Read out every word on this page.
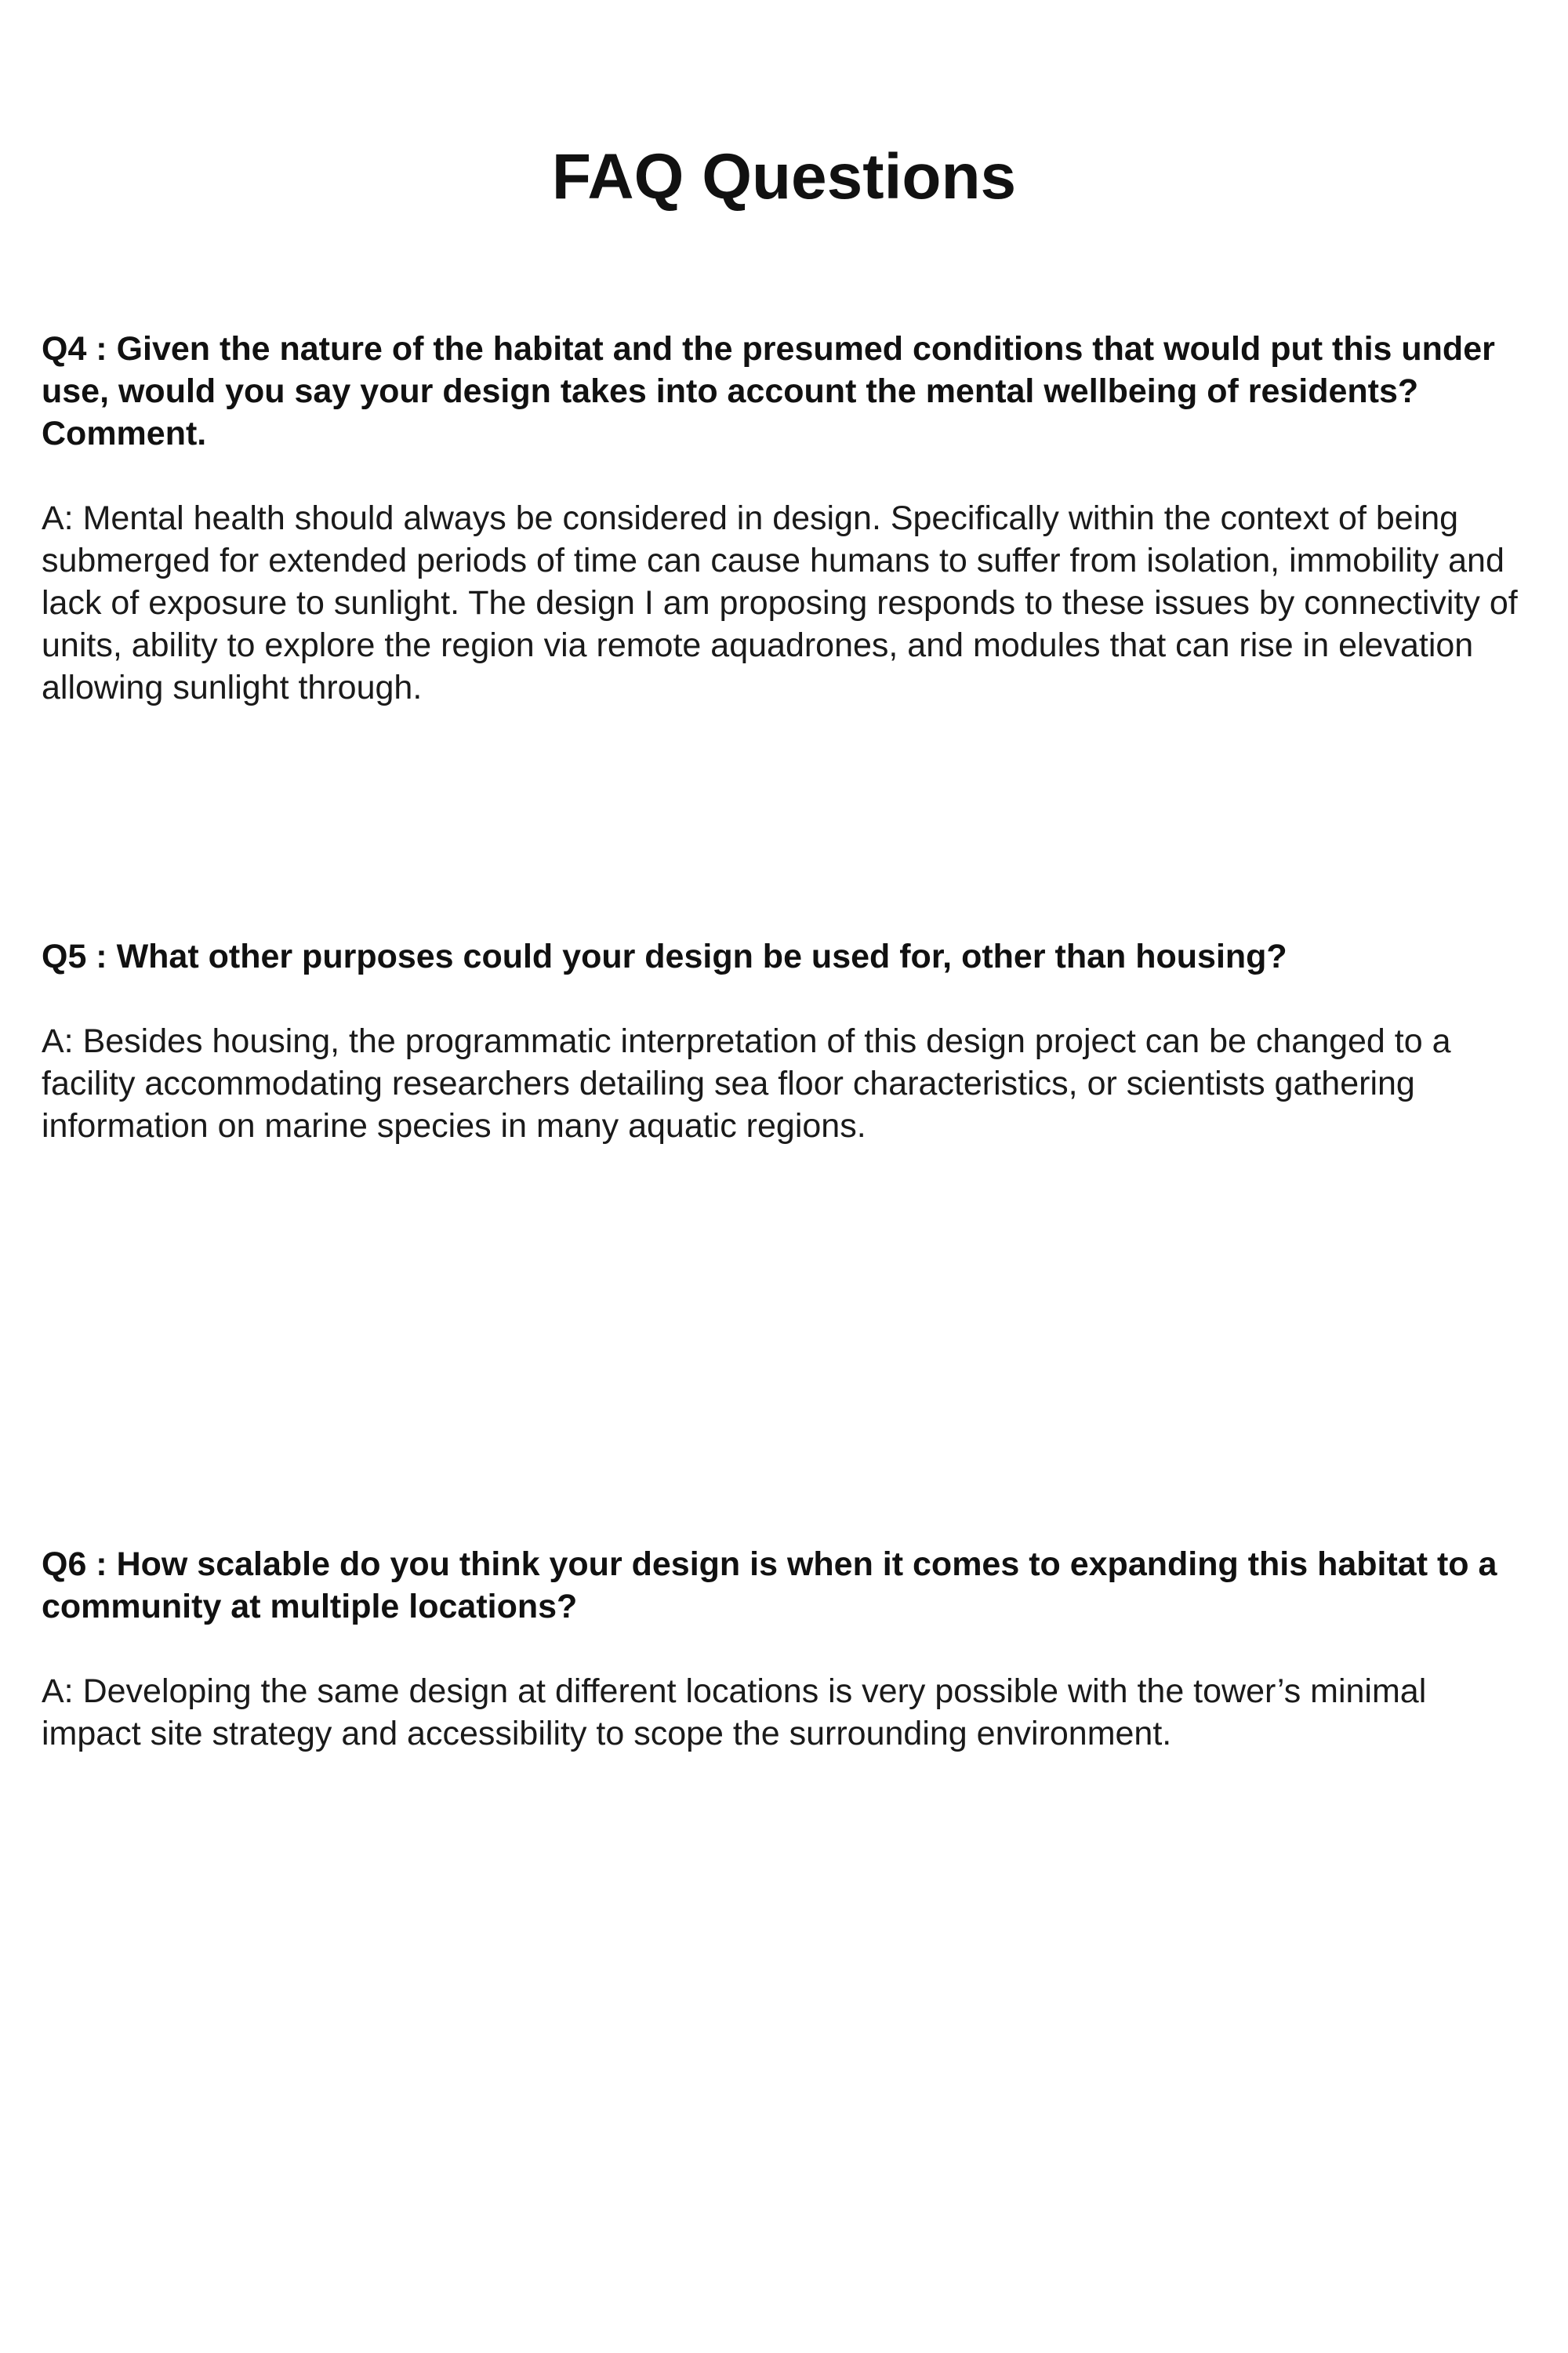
FAQ Questions

Q4 : Given the nature of the habitat and the presumed conditions that would put this under use, would you say your design takes into account the mental wellbeing of residents? Comment.

A: Mental health should always be considered in design. Specifically within the context of being submerged for extended periods of time can cause humans to suffer from isolation, immobility and lack of exposure to sunlight. The design I am proposing responds to these issues by connectivity of units, ability to explore the region via remote aquadrones, and modules that can rise in elevation allowing sunlight through.

Q5 : What other purposes could your design be used for, other than housing?

A: Besides housing, the programmatic interpretation of this design project can be changed to a facility accommodating researchers detailing sea floor characteristics, or scientists gathering information on marine species in many aquatic regions.

Q6 : How scalable do you think your design is when it comes to expanding this habitat to a community at multiple locations?

A: Developing the same design at different locations is very possible with the tower’s minimal impact site strategy and accessibility to scope the surrounding environment.
